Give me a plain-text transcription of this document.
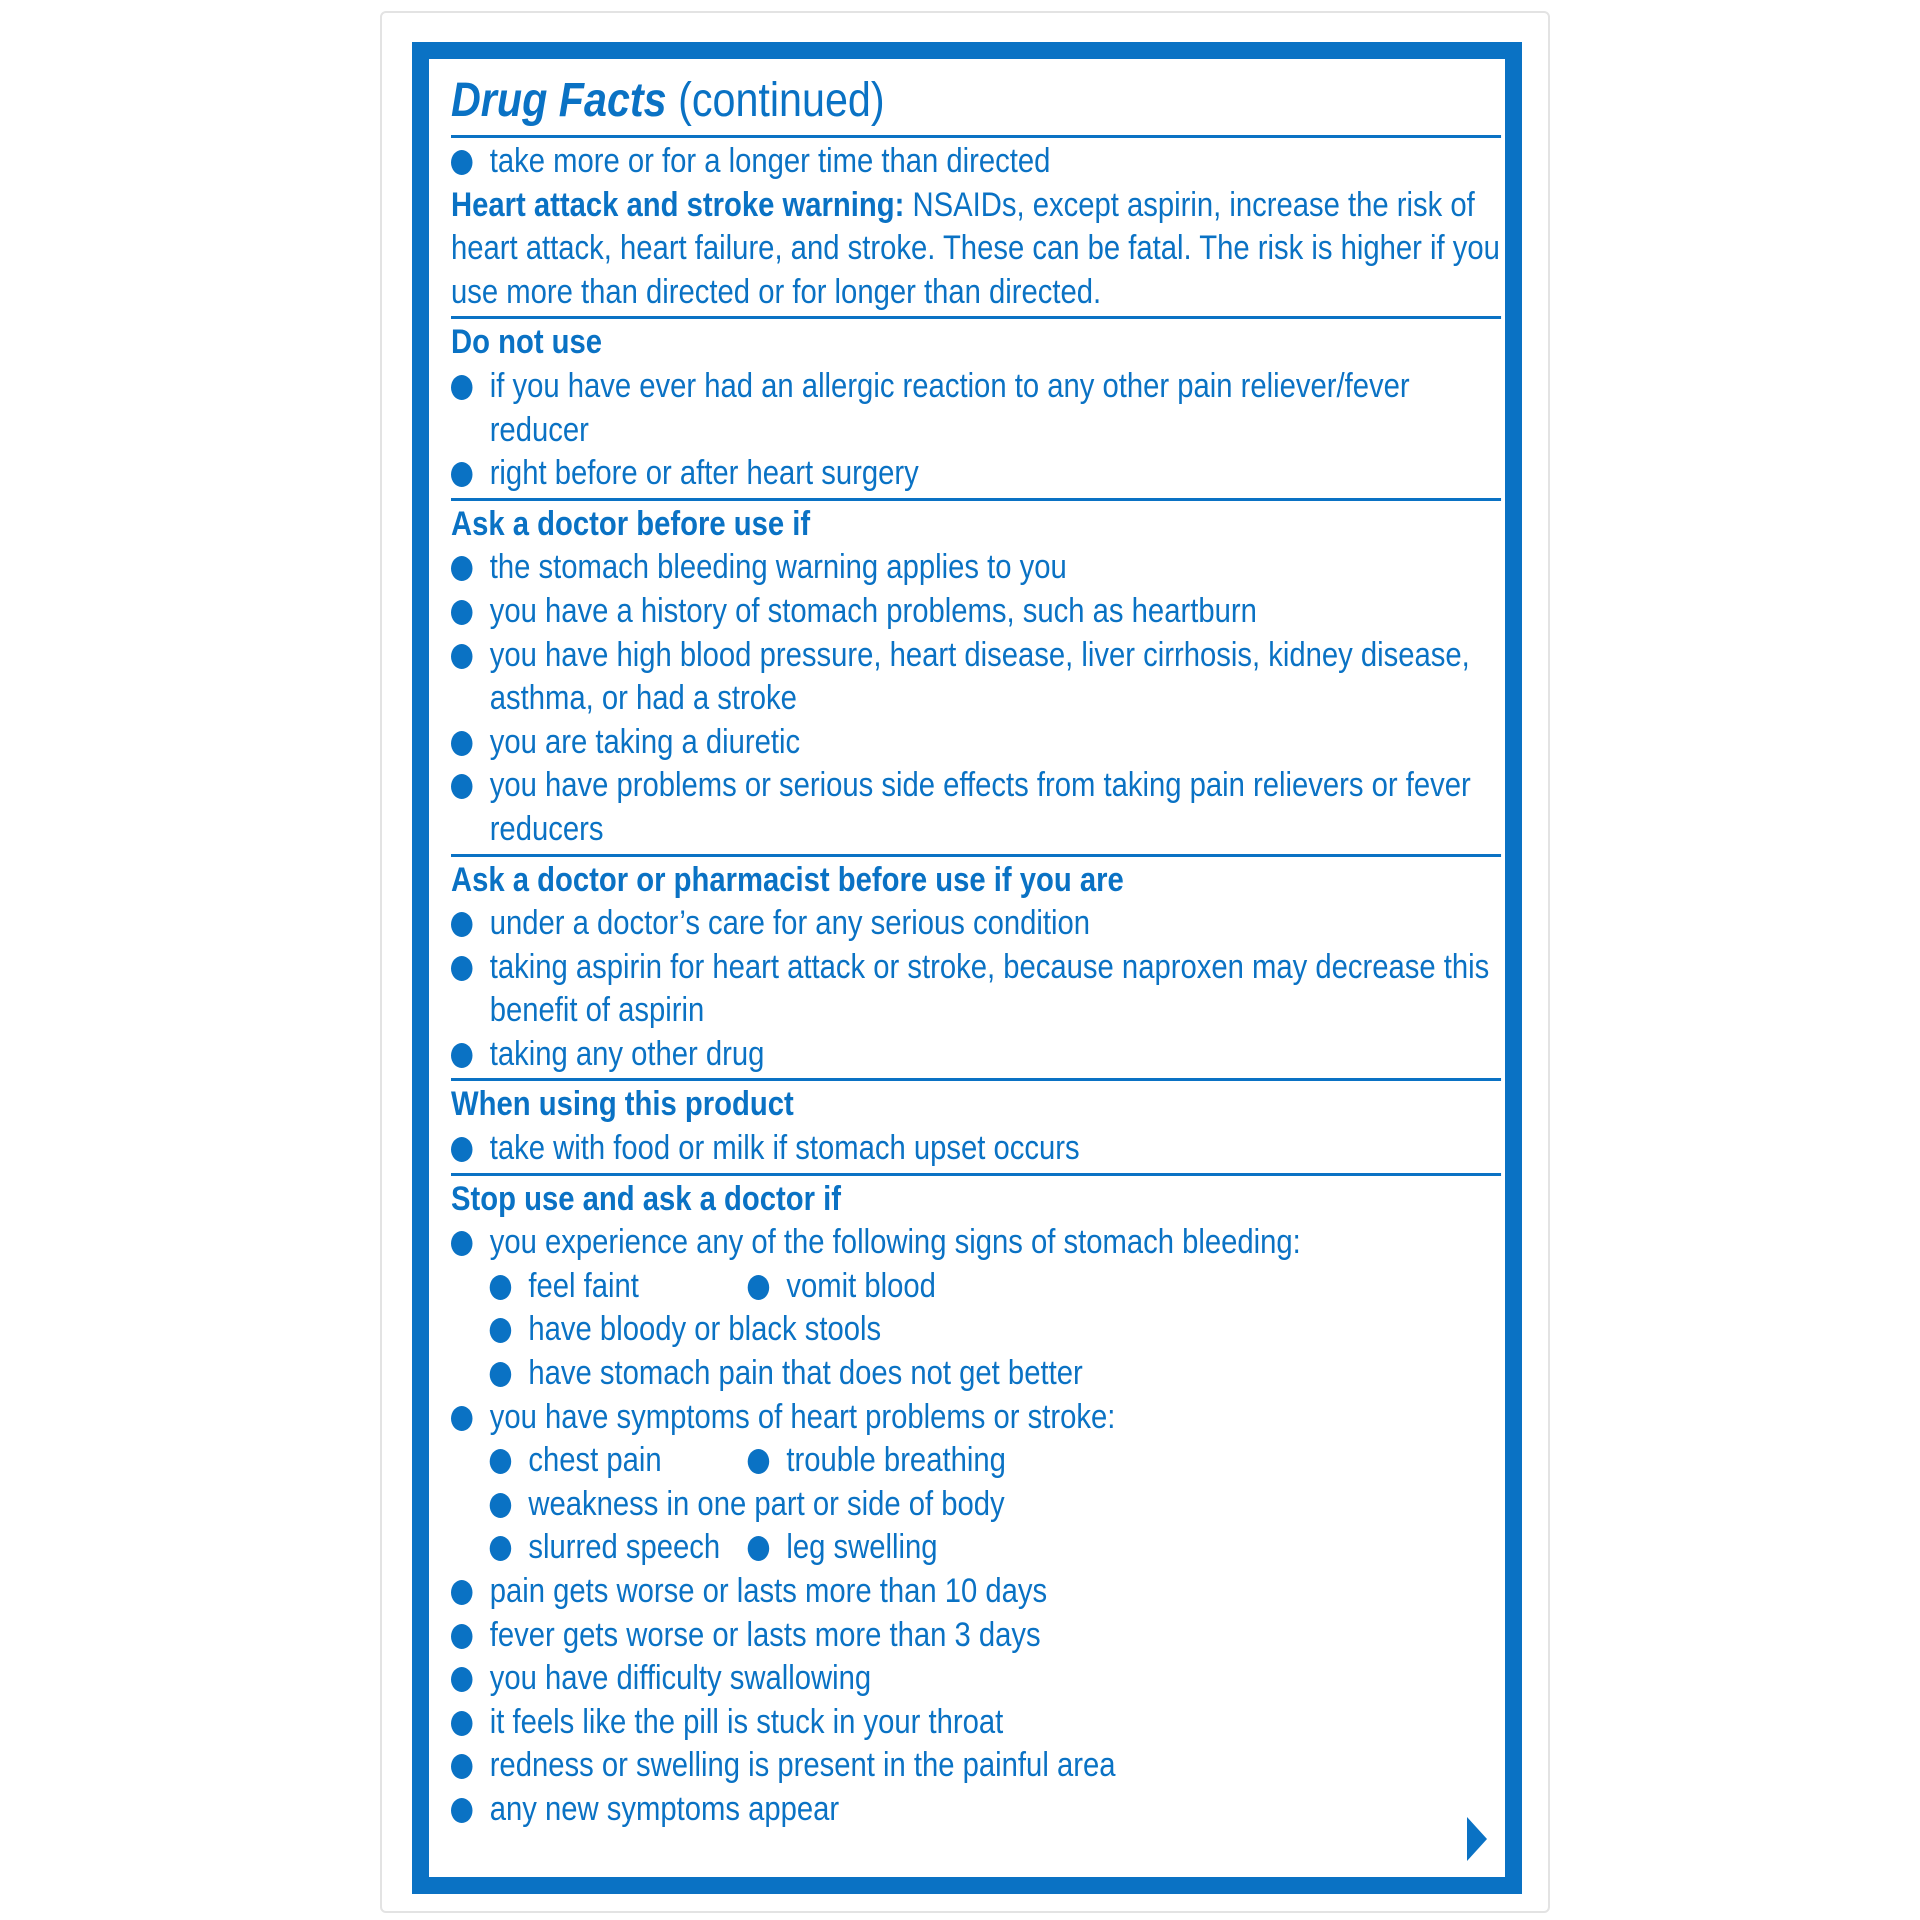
Drug Facts (continued)
take more or for a longer time than directed

Heart attack and stroke warning: NSAIDs, except aspirin, increase the risk of heart attack, heart failure, and stroke. These can be fatal. The risk is higher if you use more than directed or for longer than directed.

Do not use

if you have ever had an allergic reaction to any other pain reliever/fever reducer
right before or after heart surgery

Ask a doctor before use if

the stomach bleeding warning applies to you
you have a history of stomach problems, such as heartburn
you have high blood pressure, heart disease, liver cirrhosis, kidney disease, asthma, or had a stroke
you are taking a diuretic
you have problems or serious side effects from taking pain relievers or fever reducers

Ask a doctor or pharmacist before use if you are

under a doctor’s care for any serious condition
taking aspirin for heart attack or stroke, because naproxen may decrease this benefit of aspirin
taking any other drug

When using this product

take with food or milk if stomach upset occurs

Stop use and ask a doctor if

you experience any of the following signs of stomach bleeding:
feel faint	vomit blood
have bloody or black stools
have stomach pain that does not get better
you have symptoms of heart problems or stroke:
chest pain	trouble breathing
weakness in one part or side of body
slurred speech	leg swelling
pain gets worse or lasts more than 10 days
fever gets worse or lasts more than 3 days
you have difficulty swallowing
it feels like the pill is stuck in your throat
redness or swelling is present in the painful area
any new symptoms appear
